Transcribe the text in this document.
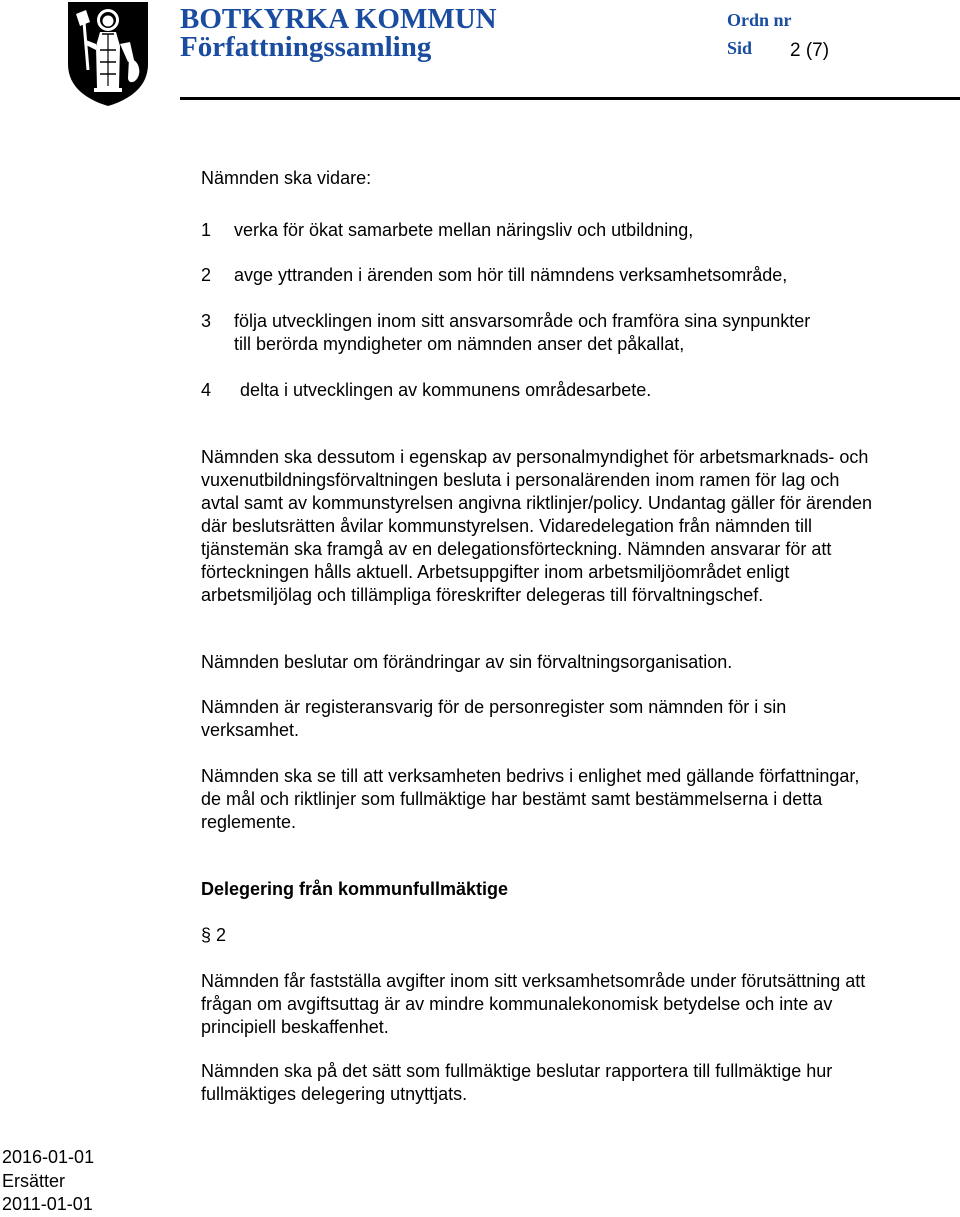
BOTKYRKA KOMMUN
Författningssamling
Ordn nr
Sid 2 (7)
Nämnden ska vidare:
1 verka för ökat samarbete mellan näringsliv och utbildning,
2 avge yttranden i ärenden som hör till nämndens verksamhetsområde,
3 följa utvecklingen inom sitt ansvarsområde och framföra sina synpunkter
till berörda myndigheter om nämnden anser det påkallat,
4 delta i utvecklingen av kommunens områdesarbete.
Nämnden ska dessutom i egenskap av personalmyndighet för arbetsmarknads- och vuxenutbildningsförvaltningen besluta i personalärenden inom ramen för lag och avtal samt av kommunstyrelsen angivna riktlinjer/policy. Undantag gäller för ärenden där beslutsrätten åvilar kommunstyrelsen. Vidaredelegation från nämnden till tjänstemän ska framgå av en delegationsförteckning. Nämnden ansvarar för att förteckningen hålls aktuell. Arbetsuppgifter inom arbetsmiljöområdet enligt arbetsmiljölag och tillämpliga föreskrifter delegeras till förvaltningschef.
Nämnden beslutar om förändringar av sin förvaltningsorganisation.
Nämnden är registeransvarig för de personregister som nämnden för i sin verksamhet.
Nämnden ska se till att verksamheten bedrivs i enlighet med gällande författningar, de mål och riktlinjer som fullmäktige har bestämt samt bestämmelserna i detta reglemente.
Delegering från kommunfullmäktige
§ 2
Nämnden får fastställa avgifter inom sitt verksamhetsområde under förutsättning att frågan om avgiftsuttag är av mindre kommunalekonomisk betydelse och inte av principiell beskaffenhet.
Nämnden ska på det sätt som fullmäktige beslutar rapportera till fullmäktige hur fullmäktiges delegering utnyttjats.
2016-01-01
Ersätter
2011-01-01
